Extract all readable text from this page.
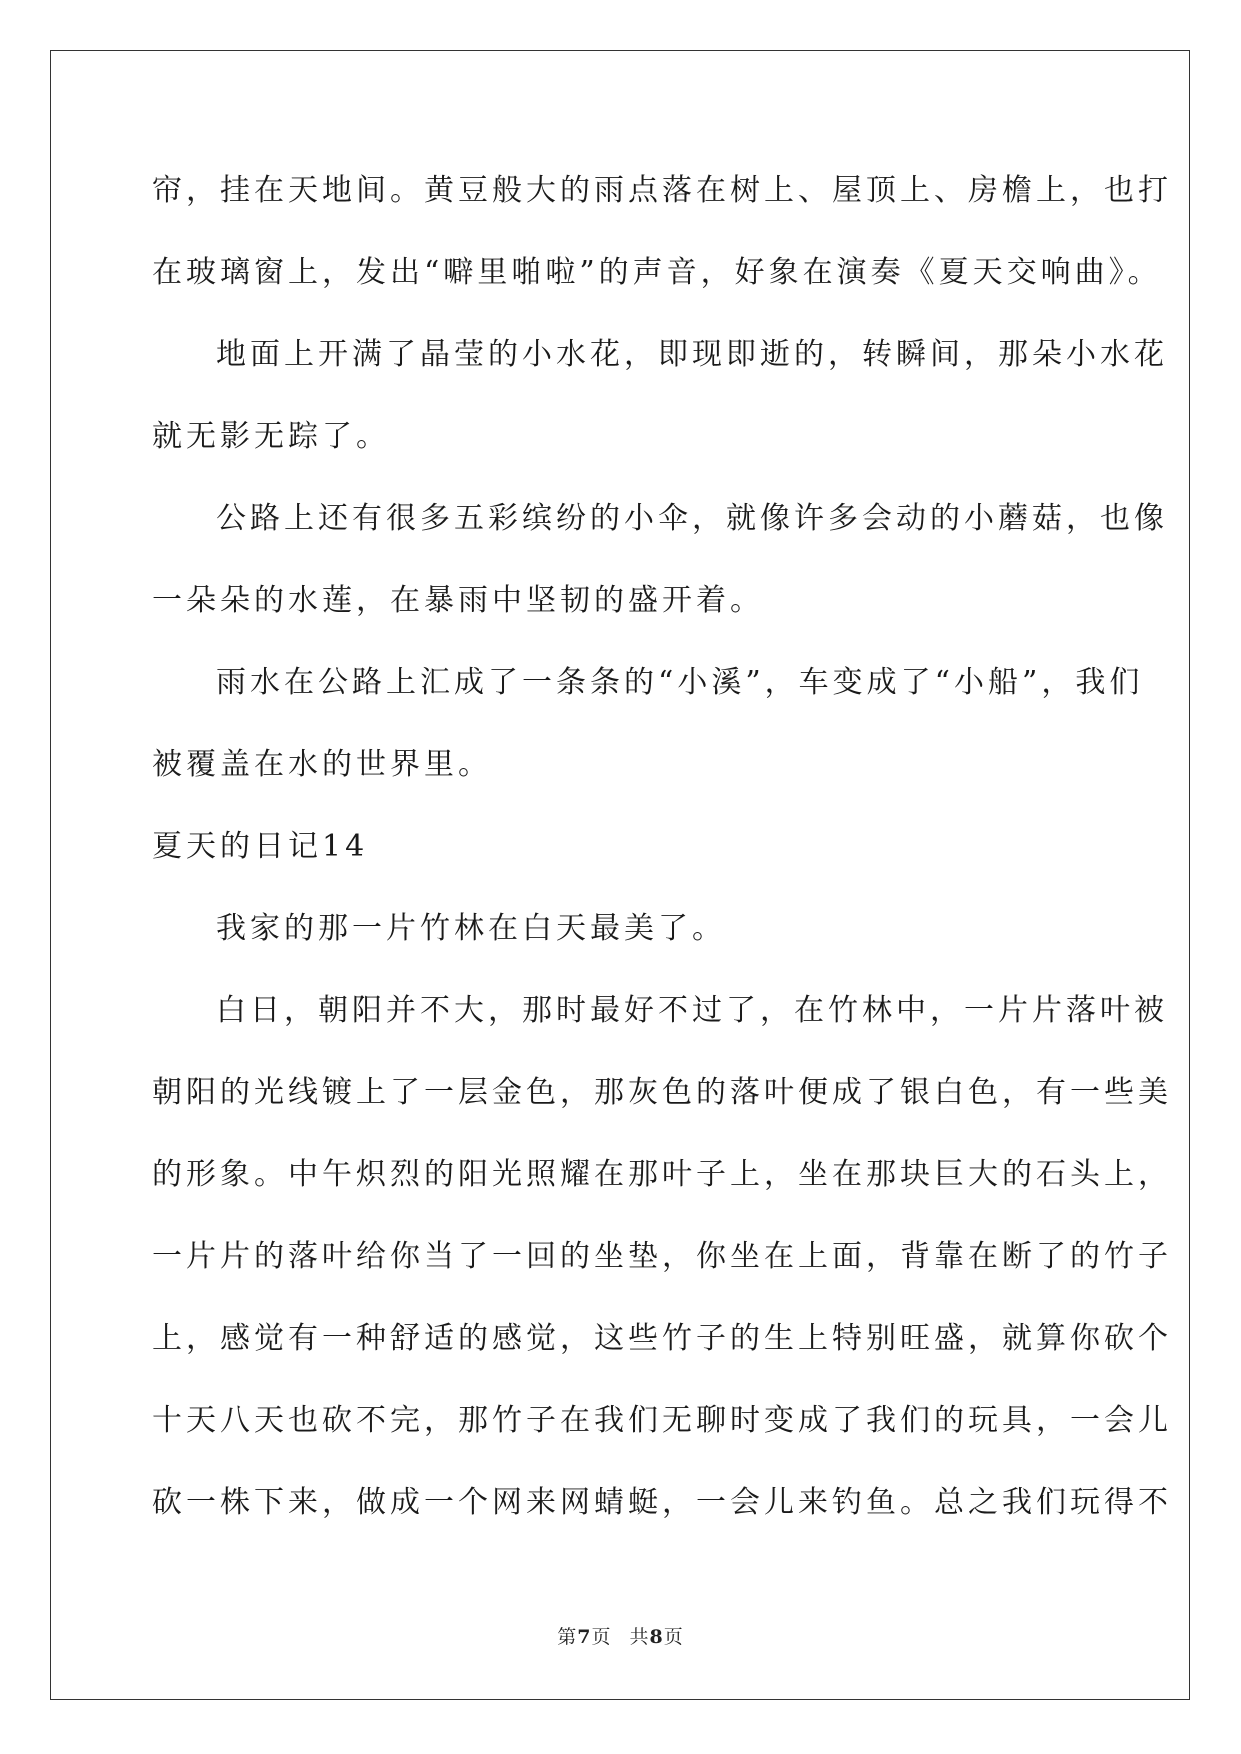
帘，挂在天地间。黄豆般大的雨点落在树上、屋顶上、房檐上，也打
在玻璃窗上，发出“噼里啪啦”的声音，好象在演奏《夏天交响曲》。
地面上开满了晶莹的小水花，即现即逝的，转瞬间，那朵小水花
就无影无踪了。
公路上还有很多五彩缤纷的小伞，就像许多会动的小蘑菇，也像
一朵朵的水莲，在暴雨中坚韧的盛开着。
雨水在公路上汇成了一条条的“小溪”，车变成了“小船”，我们
被覆盖在水的世界里。
夏天的日记14
我家的那一片竹林在白天最美了。
白日，朝阳并不大，那时最好不过了，在竹林中，一片片落叶被
朝阳的光线镀上了一层金色，那灰色的落叶便成了银白色，有一些美
的形象。中午炽烈的阳光照耀在那叶子上，坐在那块巨大的石头上，
一片片的落叶给你当了一回的坐垫，你坐在上面，背靠在断了的竹子
上，感觉有一种舒适的感觉，这些竹子的生上特别旺盛，就算你砍个
十天八天也砍不完，那竹子在我们无聊时变成了我们的玩具，一会儿
砍一株下来，做成一个网来网蜻蜓，一会儿来钓鱼。总之我们玩得不
第7页 共8页
